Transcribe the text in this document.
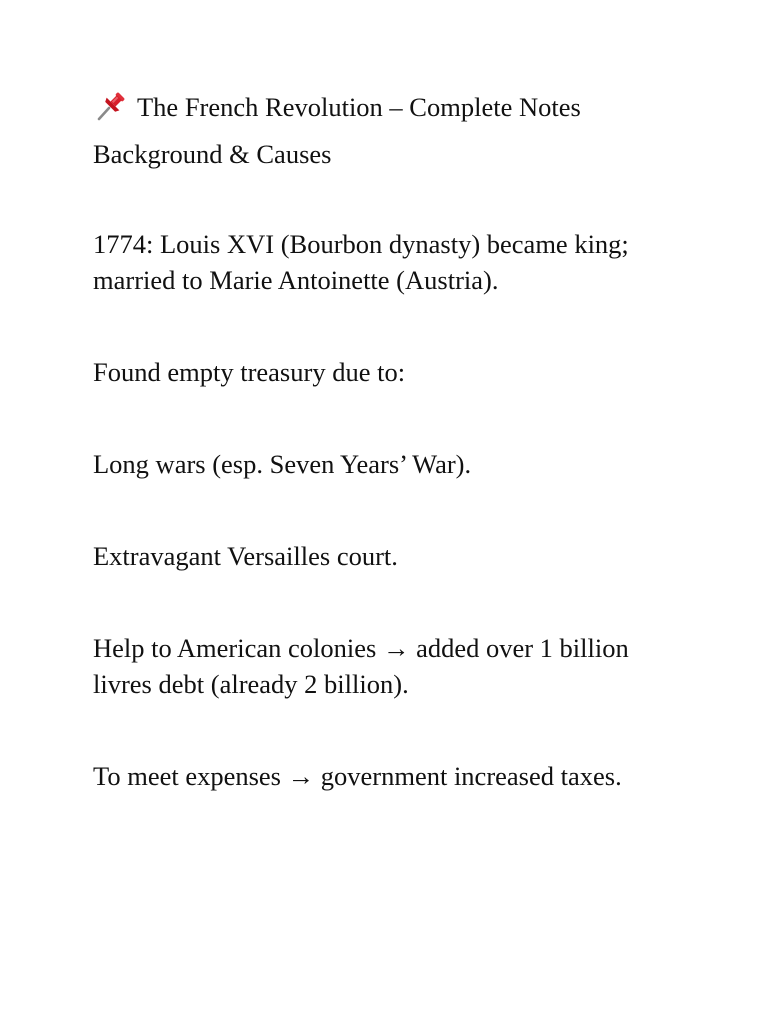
The French Revolution – Complete Notes
Background & Causes

1774: Louis XVI (Bourbon dynasty) became king; married to Marie Antoinette (Austria).

Found empty treasury due to:

Long wars (esp. Seven Years’ War).

Extravagant Versailles court.

Help to American colonies → added over 1 billion livres debt (already 2 billion).

To meet expenses → government increased taxes.
